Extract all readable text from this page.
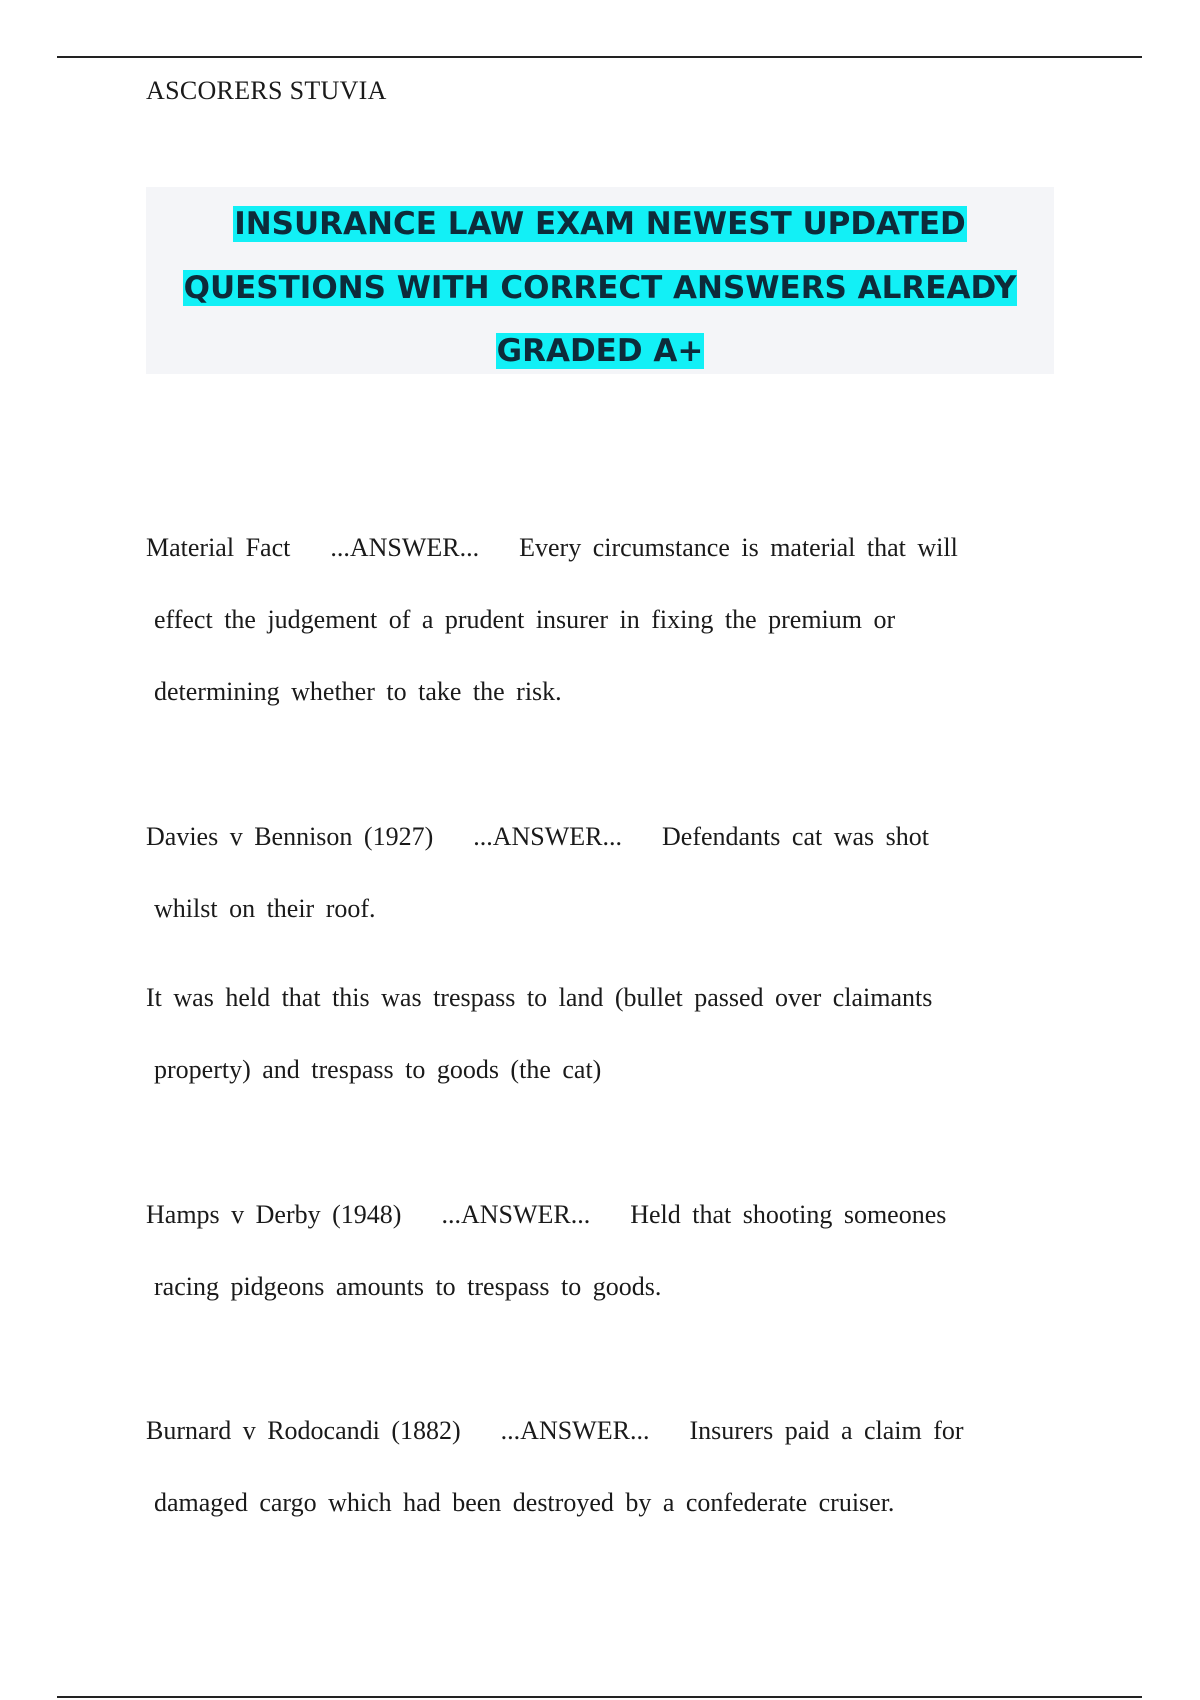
ASCORERS STUVIA
INSURANCE LAW EXAM NEWEST UPDATED
QUESTIONS WITH CORRECT ANSWERS ALREADY
GRADED A+
Material Fact ...ANSWER... Every circumstance is material that will
effect the judgement of a prudent insurer in fixing the premium or
determining whether to take the risk.
Davies v Bennison (1927) ...ANSWER... Defendants cat was shot
whilst on their roof.
It was held that this was trespass to land (bullet passed over claimants
property) and trespass to goods (the cat)
Hamps v Derby (1948) ...ANSWER... Held that shooting someones
racing pidgeons amounts to trespass to goods.
Burnard v Rodocandi (1882) ...ANSWER... Insurers paid a claim for
damaged cargo which had been destroyed by a confederate cruiser.
